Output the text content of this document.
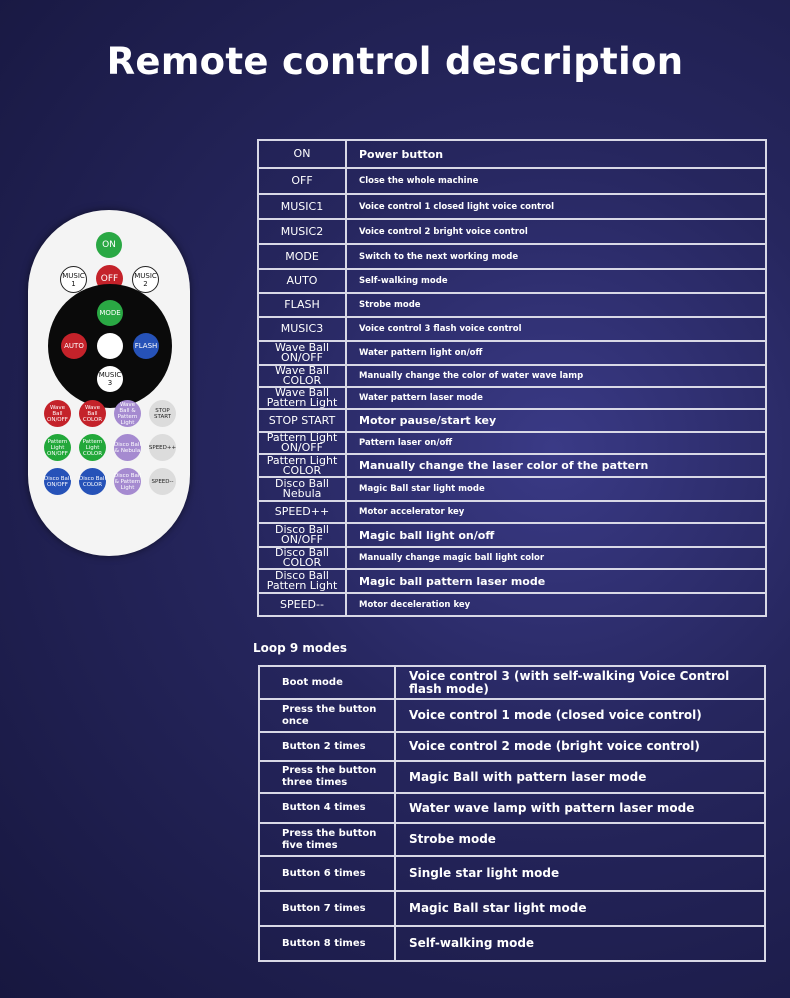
Remote control description
ON
MUSIC 1	OFF	MUSIC 2
MODE
AUTO	FLASH
MUSIC 3
Wave Ball ON/OFF
Wave Ball COLOR
Wave Ball & Pattern Light
STOP START
Pattern Light ON/OFF
Pattern Light COLOR
Disco Ball & Nebula SPEED++
Disco Ball ON/OFF
Disco Ball COLOR
Disco Ball & Pattern Light
SPEED--
ON	Power button
OFF	Close the whole machine
MUSIC1	Voice control 1 closed light voice control
MUSIC2	Voice control 2 bright voice control
MODE	Switch to the next working mode
AUTO	Self-walking mode
FLASH	Strobe mode
MUSIC3	Voice control 3 flash voice control
Wave Ball ON/OFF	Water pattern light on/off
Wave Ball COLOR	Manually change the color of water wave lamp
Wave Ball Pattern Light	Water pattern laser mode
STOP START	Motor pause/start key
Pattern Light ON/OFF	Pattern laser on/off
Pattern Light COLOR	Manually change the laser color of the pattern
Disco Ball Nebula	Magic Ball star light mode
SPEED++	Motor accelerator key
Disco Ball ON/OFF	Magic ball light on/off
Disco Ball COLOR	Manually change magic ball light color
Disco Ball Pattern Light	Magic ball pattern laser mode
SPEED--	Motor deceleration key
Loop 9 modes
Boot mode	Voice control 3 (with self-walking Voice Control flash mode)
Press the button once	Voice control 1 mode (closed voice control)
Button 2 times	Voice control 2 mode (bright voice control)
Press the button three times	Magic Ball with pattern laser mode
Button 4 times	Water wave lamp with pattern laser mode
Press the button five times	Strobe mode
Button 6 times	Single star light mode
Button 7 times	Magic Ball star light mode
Button 8 times	Self-walking mode
